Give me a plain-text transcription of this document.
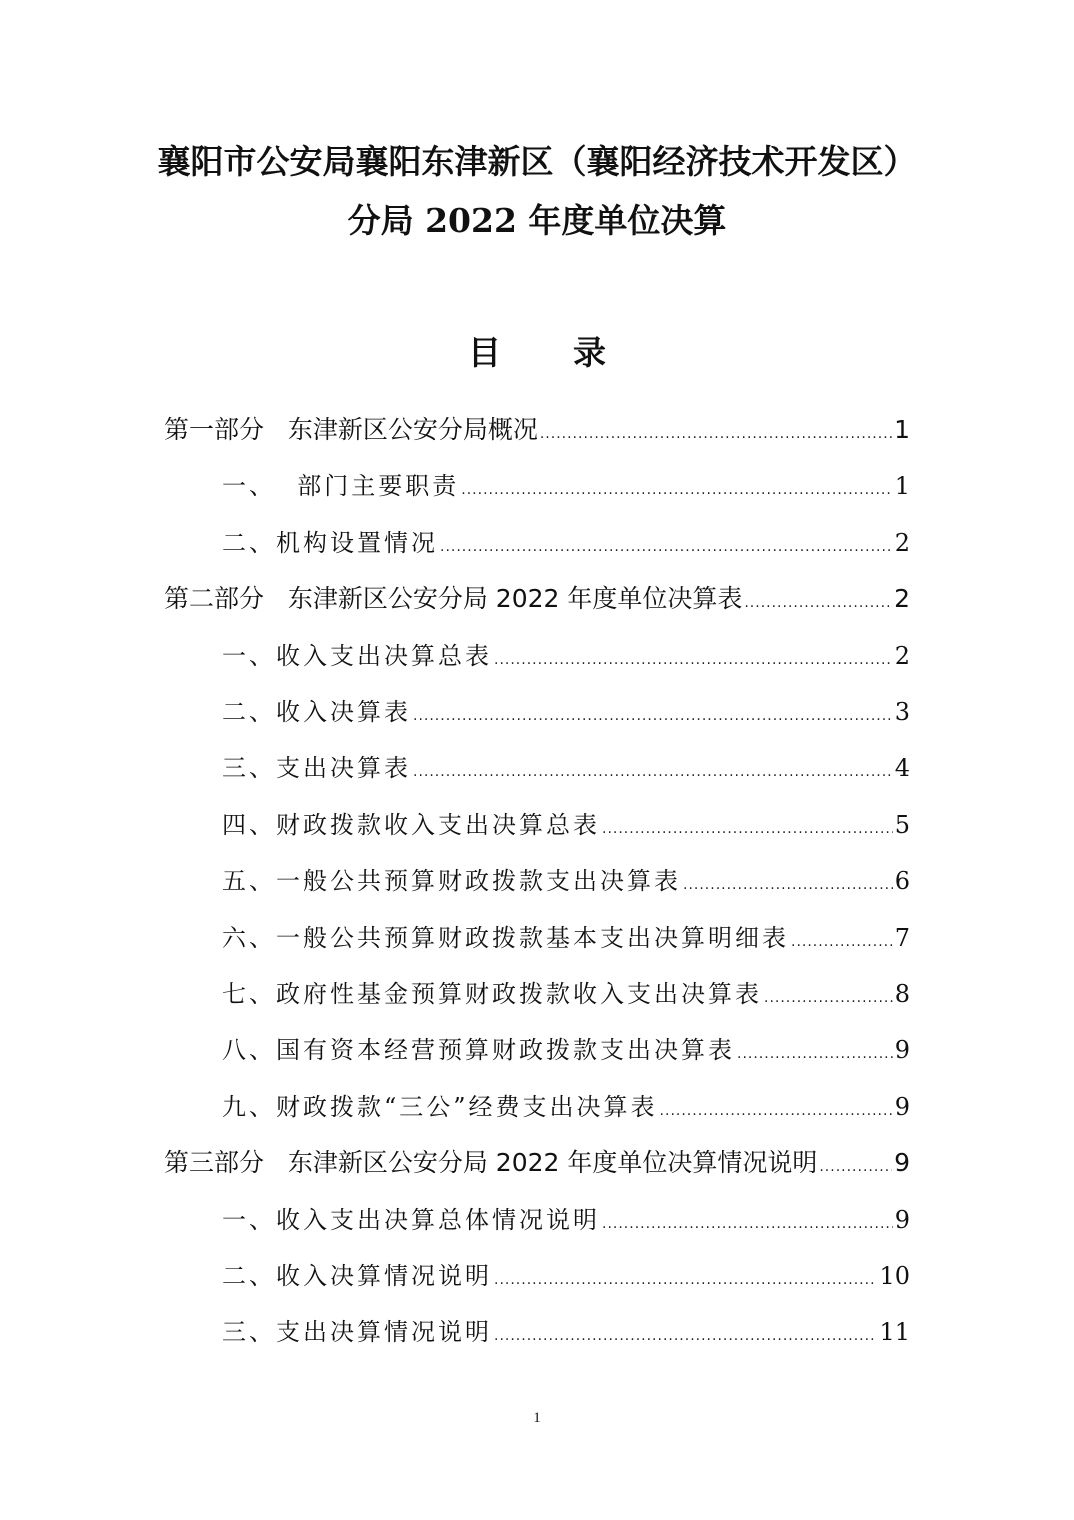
襄阳市公安局襄阳东津新区（襄阳经济技术开发区）
分局 2022 年度单位决算
目 录
第一部分   东津新区公安分局概况 .....	1
一、  部门主要职责 .....	1
二、机构设置情况 .....	2
第二部分   东津新区公安分局 2022 年度单位决算表 .....	2
一、收入支出决算总表 .....	2
二、收入决算表 .....	3
三、支出决算表 .....	4
四、财政拨款收入支出决算总表 .....	5
五、一般公共预算财政拨款支出决算表 .....	6
六、一般公共预算财政拨款基本支出决算明细表 .....	7
七、政府性基金预算财政拨款收入支出决算表 .....	8
八、国有资本经营预算财政拨款支出决算表 .....	9
九、财政拨款“三公”经费支出决算表 .....	9
第三部分   东津新区公安分局 2022 年度单位决算情况说明 .....	9
一、收入支出决算总体情况说明 .....	9
二、收入决算情况说明 .....	10
三、支出决算情况说明 .....	11
1
